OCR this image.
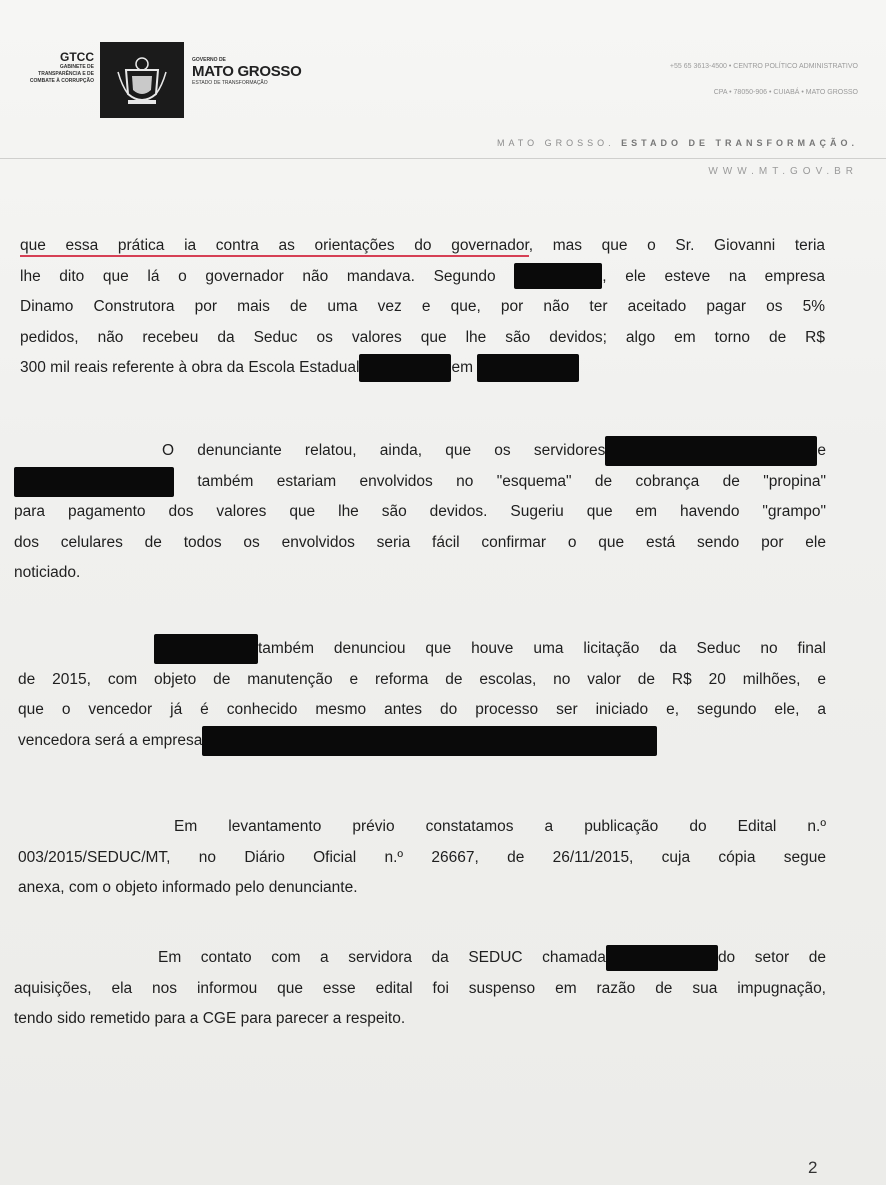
GTCC
GABINETE DE
TRANSPARÊNCIA E DE
COMBATE À CORRUPÇÃO
GOVERNO DE
MATO GROSSO
ESTADO DE TRANSFORMAÇÃO
+55 65 3613-4500 • CENTRO POLÍTICO ADMINISTRATIVO
CPA • 78050-906 • CUIABÁ • MATO GROSSO
MATO GROSSO. ESTADO DE TRANSFORMAÇÃO.
WWW.MT.GOV.BR
que essa prática ia contra as orientações do governador, mas que o Sr. Giovanni teria
lhe dito que lá o governador não mandava. Segundo	, ele esteve na empresa
Dinamo Construtora por mais de uma vez e que, por não ter aceitado pagar os 5%
pedidos, não recebeu da Seduc os valores que lhe são devidos; algo em torno de R$
300 mil reais referente à obra da Escola Estadual	em
O denunciante relatou, ainda, que os servidores	e
também estariam envolvidos no "esquema" de cobrança de "propina"
para pagamento dos valores que lhe são devidos. Sugeriu que em havendo "grampo"
dos celulares de todos os envolvidos seria fácil confirmar o que está sendo por ele
noticiado.
também denunciou que houve uma licitação da Seduc no final
de 2015, com objeto de manutenção e reforma de escolas, no valor de R$ 20 milhões, e
que o vencedor já é conhecido mesmo antes do processo ser iniciado e, segundo ele, a
vencedora será a empresa
Em levantamento prévio constatamos a publicação do Edital n.º
003/2015/SEDUC/MT, no Diário Oficial n.º 26667, de 26/11/2015, cuja cópia segue
anexa, com o objeto informado pelo denunciante.
Em contato com a servidora da SEDUC chamada	do setor de
aquisições, ela nos informou que esse edital foi suspenso em razão de sua impugnação,
tendo sido remetido para a CGE para parecer a respeito.
2
